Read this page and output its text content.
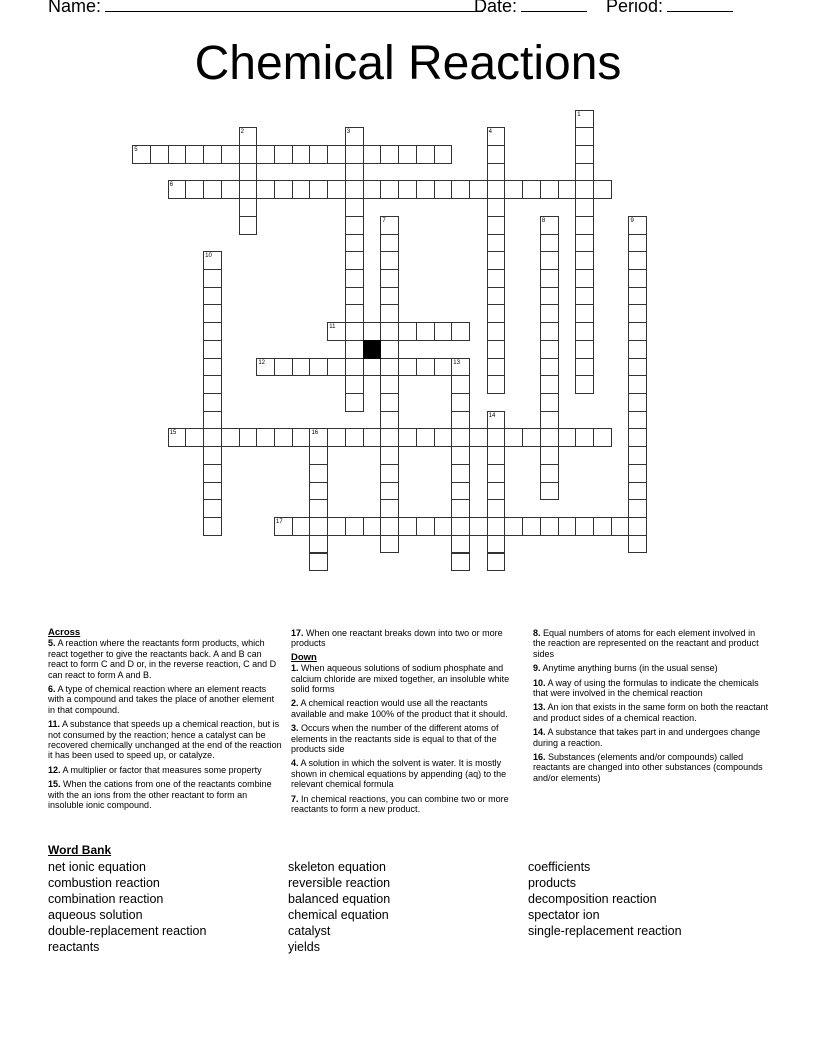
Name:	Date:	Period:
Chemical Reactions
1
2	3	4
5
6
7	8	9
10
11
12	13
14
15	16
17
Across
5. A reaction where the reactants form products, which react together to give the reactants back. A and B can react to form C and D or, in the reverse reaction, C and D can react to form A and B.
6. A type of chemical reaction where an element reacts with a compound and takes the place of another element in that compound.
11. A substance that speeds up a chemical reaction, but is not consumed by the reaction; hence a catalyst can be recovered chemically unchanged at the end of the reaction it has been used to speed up, or catalyze.
12. A multiplier or factor that measures some property
15. When the cations from one of the reactants combine with the an ions from the other reactant to form an insoluble ionic compound.
17. When one reactant breaks down into two or more products
Down
1. When aqueous solutions of sodium phosphate and calcium chloride are mixed together, an insoluble white solid forms
2. A chemical reaction would use all the reactants available and make 100% of the product that it should.
3. Occurs when the number of the different atoms of elements in the reactants side is equal to that of the products side
4. A solution in which the solvent is water. It is mostly shown in chemical equations by appending (aq) to the relevant chemical formula
7. In chemical reactions, you can combine two or more reactants to form a new product.
8. Equal numbers of atoms for each element involved in the reaction are represented on the reactant and product sides
9. Anytime anything burns (in the usual sense)
10. A way of using the formulas to indicate the chemicals that were involved in the chemical reaction
13. An ion that exists in the same form on both the reactant and product sides of a chemical reaction.
14. A substance that takes part in and undergoes change during a reaction.
16. Substances (elements and/or compounds) called reactants are changed into other substances (compounds and/or elements)
Word Bank
net ionic equation
combustion reaction
combination reaction
aqueous solution
double-replacement reaction
reactants
skeleton equation
reversible reaction
balanced equation
chemical equation
catalyst
yields
coefficients
products
decomposition reaction
spectator ion
single-replacement reaction
